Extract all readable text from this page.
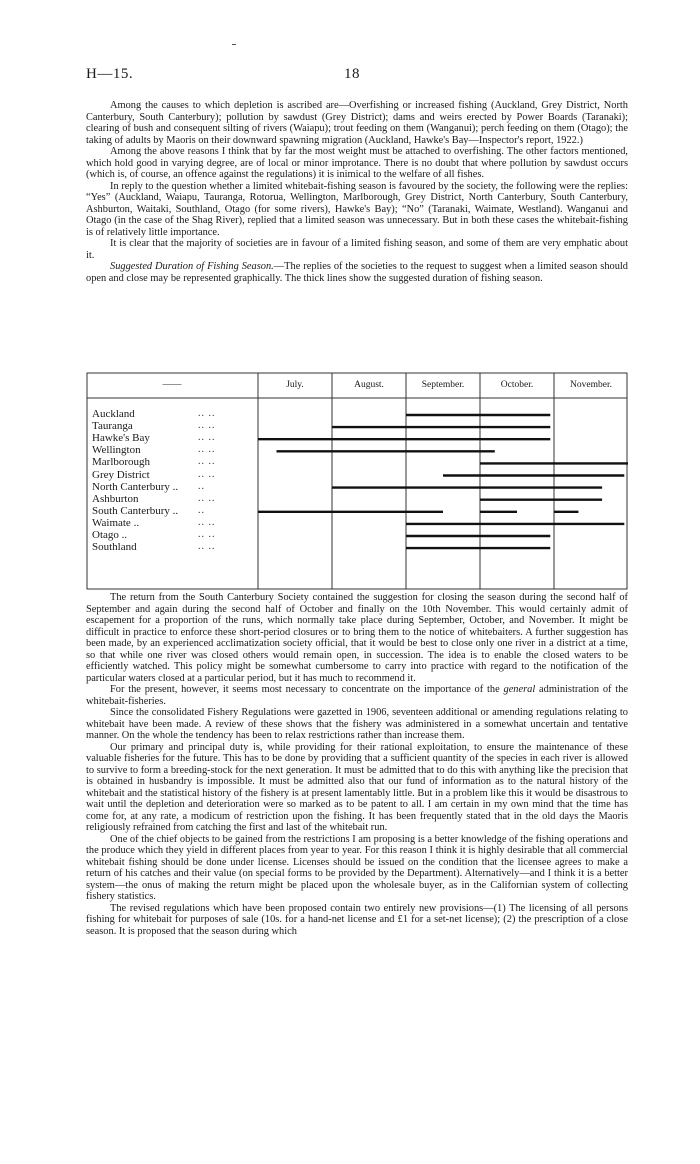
H—15.	18

Among the causes to which depletion is ascribed are—Overfishing or increased fishing (Auckland, Grey District, North Canterbury, South Canterbury); pollution by sawdust (Grey District); dams and weirs erected by Power Boards (Taranaki); clearing of bush and consequent silting of rivers (Waiapu); trout feeding on them (Wanganui); perch feeding on them (Otago); the taking of adults by Maoris on their downward spawning migration (Auckland, Hawke's Bay—Inspector's report, 1922.)

Among the above reasons I think that by far the most weight must be attached to overfishing. The other factors mentioned, which hold good in varying degree, are of local or minor improtance. There is no doubt that where pollution by sawdust occurs (which is, of course, an offence against the regulations) it is inimical to the welfare of all fishes.

In reply to the question whether a limited whitebait-fishing season is favoured by the society, the following were the replies: “Yes” (Auckland, Waiapu, Tauranga, Rotorua, Wellington, Marlborough, Grey District, North Canterbury, South Canterbury, Ashburton, Waitaki, Southland, Otago (for some rivers), Hawke's Bay); “No” (Taranaki, Waimate, Westland). Wanganui and Otago (in the case of the Shag River), replied that a limited season was unnecessary. But in both these cases the whitebait-fishing is of relatively little importance.

It is clear that the majority of societies are in favour of a limited fishing season, and some of them are very emphatic about it.

Suggested Duration of Fishing Season.—The replies of the societies to the request to suggest when a limited season should open and close may be represented graphically. The thick lines show the suggested duration of fishing season.

——	July.	August.	September.	October.	November.
Auckland	.. ..
Tauranga	.. ..
Hawke's Bay	.. ..
Wellington	.. ..
Marlborough	.. ..
Grey District	.. ..
North Canterbury .. ..
Ashburton	.. ..
South Canterbury .. ..
Waimate ..	.. ..
Otago ..	.. ..
Southland	.. ..

The return from the South Canterbury Society contained the suggestion for closing the season during the second half of September and again during the second half of October and finally on the 10th November. This would certainly admit of escapement for a proportion of the runs, which normally take place during September, October, and November. It might be difficult in practice to enforce these short-period closures or to bring them to the notice of whitebaiters. A further suggestion has been made, by an experienced acclimatization society official, that it would be best to close only one river in a district at a time, so that while one river was closed others would remain open, in succession. The idea is to enable the closed waters to be efficiently watched. This policy might be somewhat cumbersome to carry into practice with regard to the notification of the particular waters closed at a particular period, but it has much to recommend it.

For the present, however, it seems most necessary to concentrate on the importance of the general administration of the whitebait-fisheries.

Since the consolidated Fishery Regulations were gazetted in 1906, seventeen additional or amending regulations relating to whitebait have been made. A review of these shows that the fishery was administered in a somewhat uncertain and tentative manner. On the whole the tendency has been to relax restrictions rather than increase them.

Our primary and principal duty is, while providing for their rational exploitation, to ensure the maintenance of these valuable fisheries for the future. This has to be done by providing that a sufficient quantity of the species in each river is allowed to survive to form a breeding-stock for the next generation. It must be admitted that to do this with anything like the precision that is obtained in husbandry is impossible. It must be admitted also that our fund of information as to the natural history of the whitebait and the statistical history of the fishery is at present lamentably little. But in a problem like this it would be disastrous to wait until the depletion and deterioration were so marked as to be patent to all. I am certain in my own mind that the time has come for, at any rate, a modicum of restriction upon the fishing. It has been frequently stated that in the old days the Maoris religiously refrained from catching the first and last of the whitebait run.

One of the chief objects to be gained from the restrictions I am proposing is a better knowledge of the fishing operations and the produce which they yield in different places from year to year. For this reason I think it is highly desirable that all commercial whitebait fishing should be done under license. Licenses should be issued on the condition that the licensee agrees to make a return of his catches and their value (on special forms to be provided by the Department). Alternatively—and I think it is a better system—the onus of making the return might be placed upon the wholesale buyer, as in the Californian system of collecting fishery statistics.

The revised regulations which have been proposed contain two entirely new provisions—(1) The licensing of all persons fishing for whitebait for purposes of sale (10s. for a hand-net license and £1 for a set-net license); (2) the prescription of a close season. It is proposed that the season during which
